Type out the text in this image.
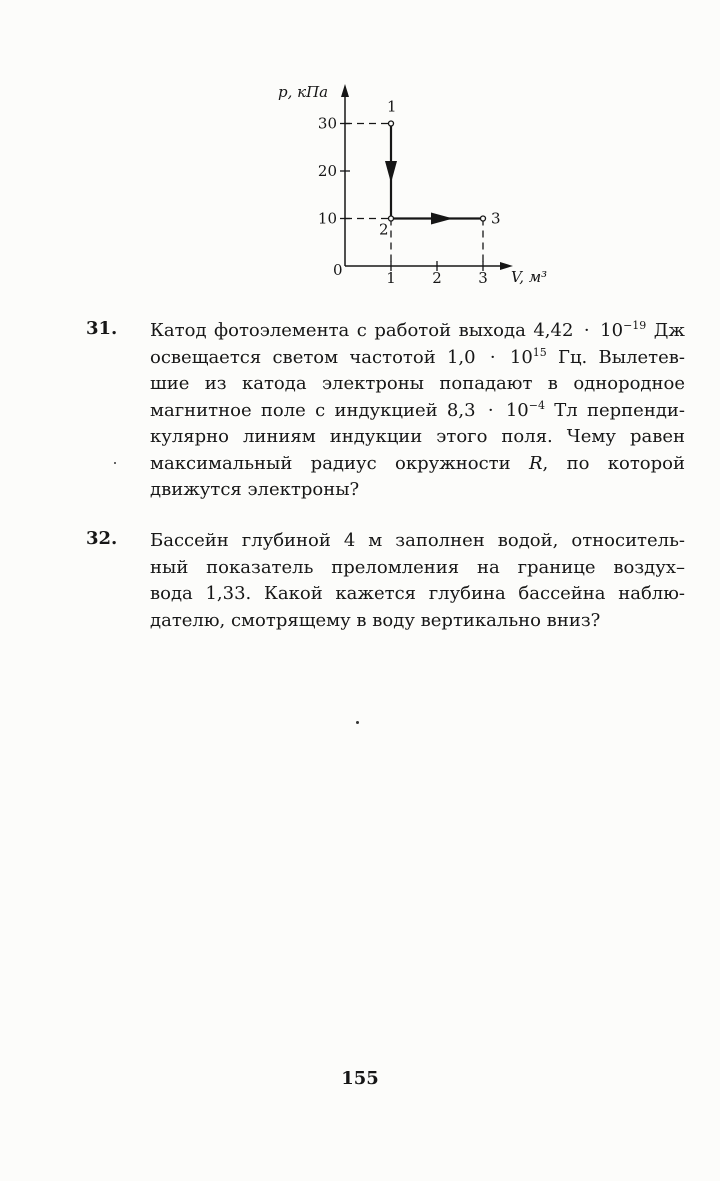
p, кПа
V, м³
0
10
20
30
1 2 3
1
2
3
31. Катод фотоэлемента с работой выхода $4,42 \cdot 10^{-19}$ Дж
освещается светом частотой $1,0 \cdot 10^{15}$ Гц. Вылетев-
шие из катода электроны попадают в однородное
магнитное поле с индукцией $8,3 \cdot 10^{-4}$ Тл перпенди-
кулярно линиям индукции этого поля. Чему равен
максимальный радиус окружности R, по которой
движутся электроны?
32. Бассейн глубиной 4 м заполнен водой, относитель-
ный показатель преломления на границе воздух–
вода 1,33. Какой кажется глубина бассейна наблю-
дателю, смотрящему в воду вертикально вниз?
155
